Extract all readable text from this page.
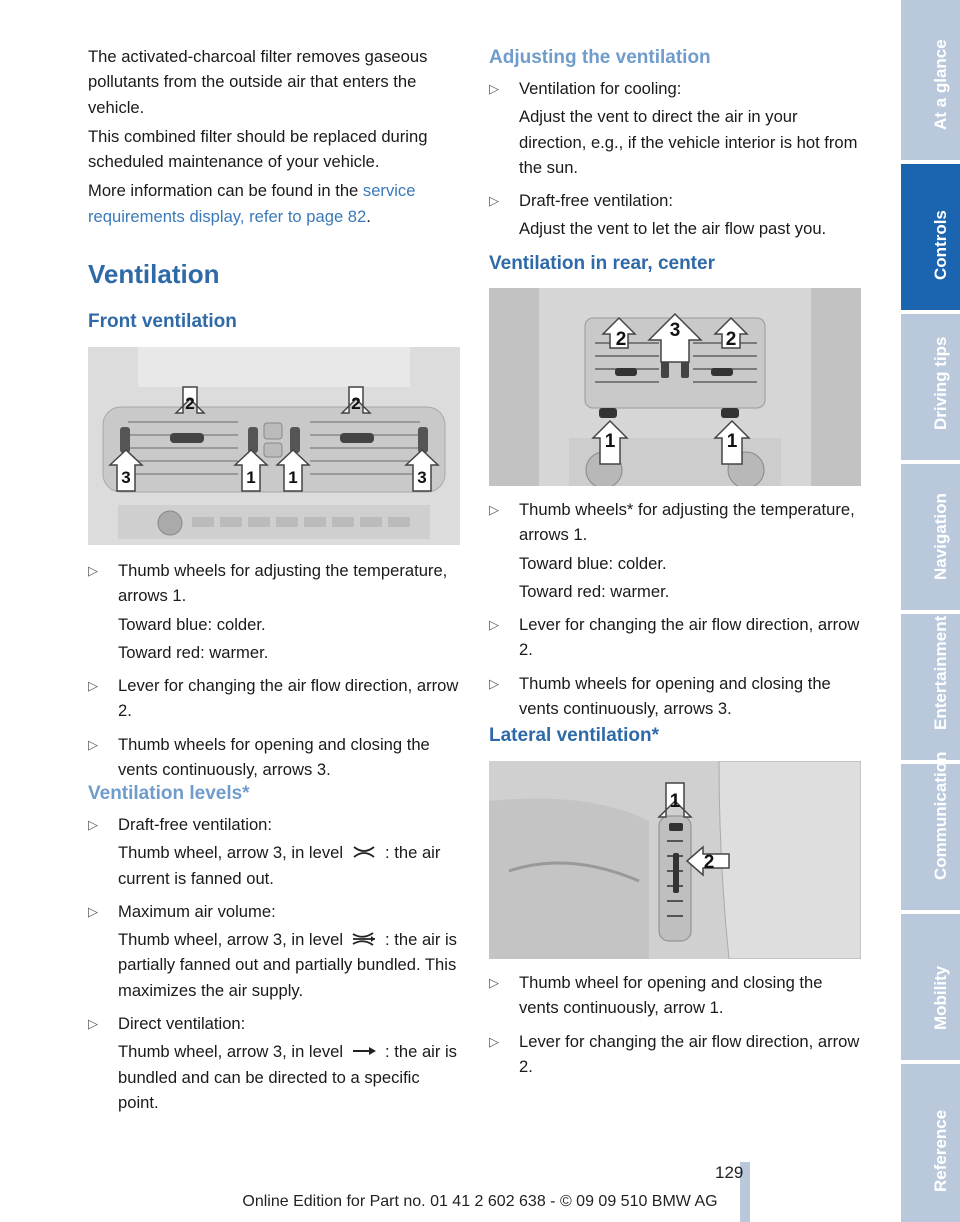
The activated-charcoal filter removes gaseous pollutants from the outside air that enters the vehicle.

This combined filter should be replaced during scheduled maintenance of your vehicle.

More information can be found in the service requirements display, refer to page 82.

Ventilation
Front ventilation
2	2
3	1 1	3
▷ Thumb wheels for adjusting the temperature, arrows 1.
Toward blue: colder.
Toward red: warmer.
▷ Lever for changing the air flow direction, arrow 2.
▷ Thumb wheels for opening and closing the vents continuously, arrows 3.
Ventilation levels*
▷ Draft-free ventilation:
Thumb wheel, arrow 3, in level	: the air current is fanned out.
▷ Maximum air volume:
Thumb wheel, arrow 3, in level	: the air is partially fanned out and partially bundled. This maximizes the air supply.
▷ Direct ventilation:
Thumb wheel, arrow 3, in level	: the air is bundled and can be directed to a specific point.
Adjusting the ventilation
▷ Ventilation for cooling:
Adjust the vent to direct the air in your direction, e.g., if the vehicle interior is hot from the sun.
▷ Draft-free ventilation:
Adjust the vent to let the air flow past you.
Ventilation in rear, center
2 3 2
1	1
▷ Thumb wheels* for adjusting the temperature, arrows 1.
Toward blue: colder.
Toward red: warmer.
▷ Lever for changing the air flow direction, arrow 2.
▷ Thumb wheels for opening and closing the vents continuously, arrows 3.
Lateral ventilation*
1
2
▷ Thumb wheel for opening and closing the vents continuously, arrow 1.
▷ Lever for changing the air flow direction, arrow 2.
At a glance
Controls
Driving tips
Navigation
Entertainment
Communication
Mobility
Reference
129
Online Edition for Part no. 01 41 2 602 638 - © 09 09 510 BMW AG
